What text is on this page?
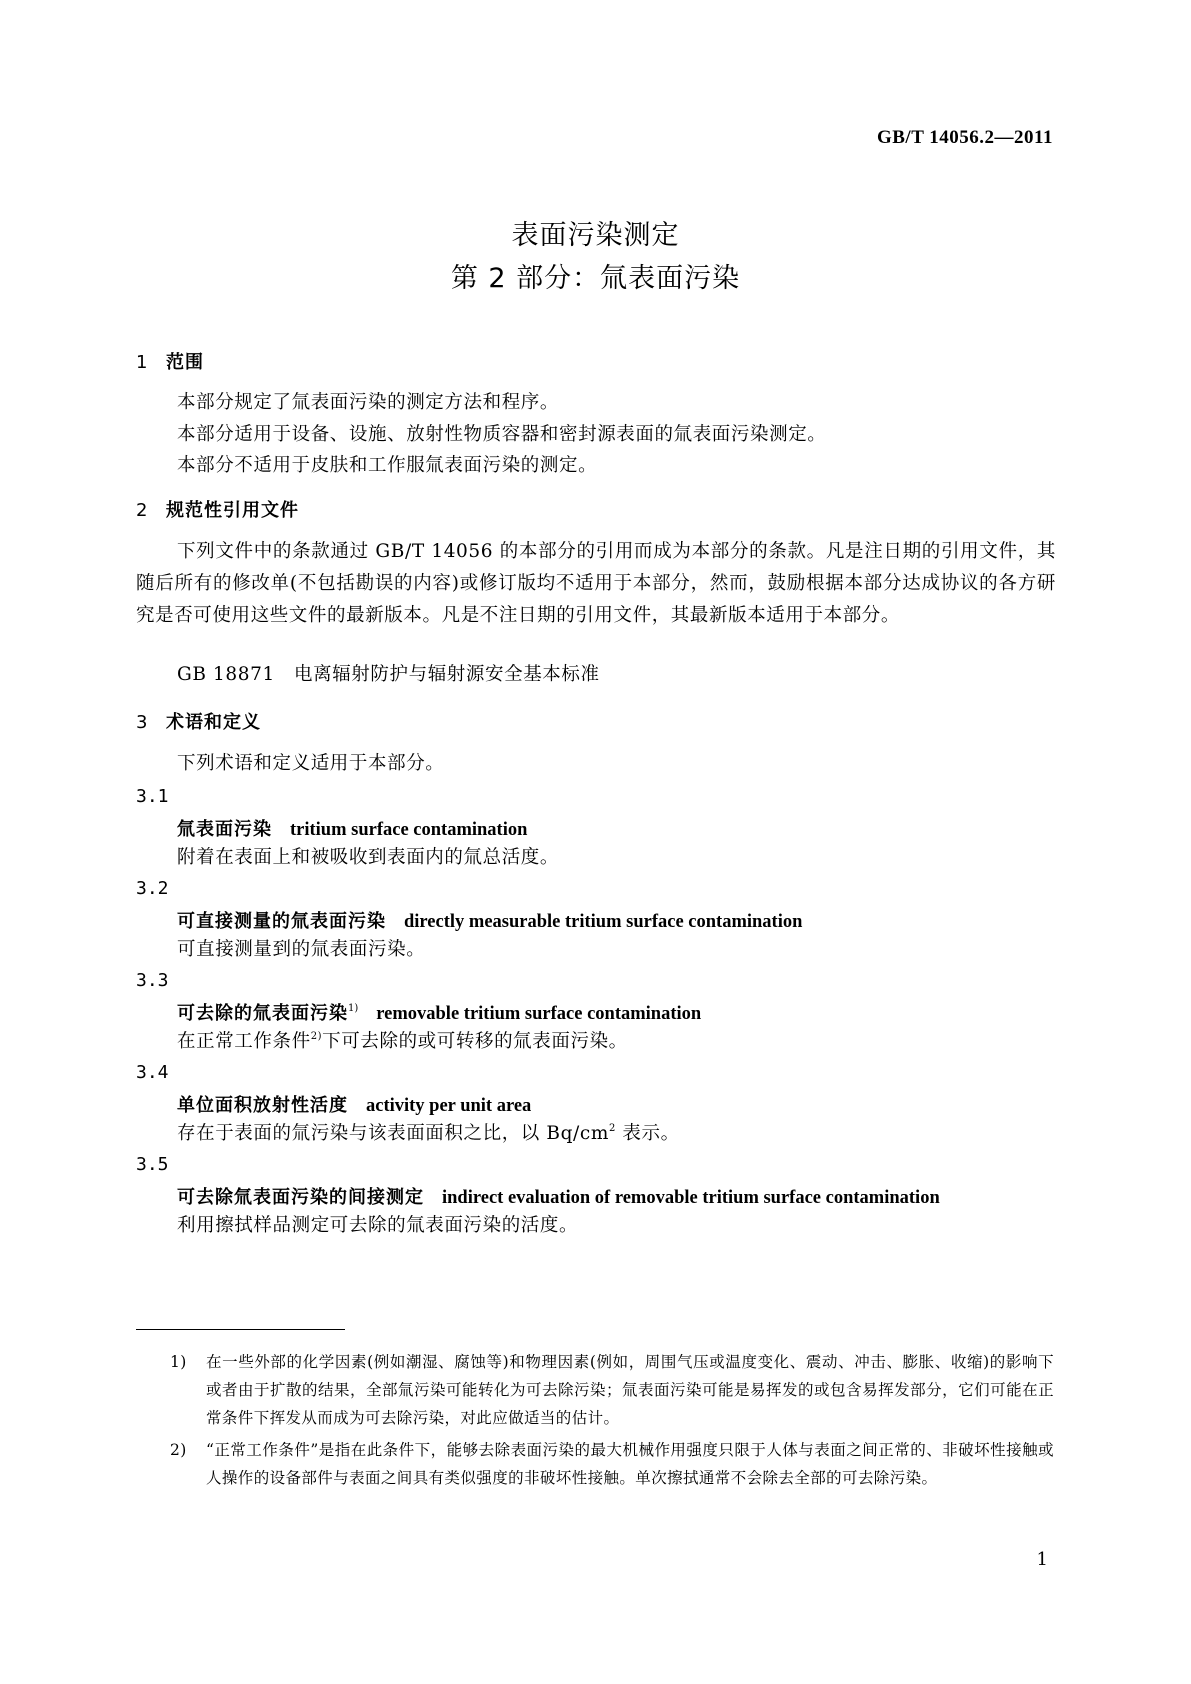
GB/T 14056.2—2011
表面污染测定
第 2 部分：氚表面污染
1 范围
本部分规定了氚表面污染的测定方法和程序。
本部分适用于设备、设施、放射性物质容器和密封源表面的氚表面污染测定。
本部分不适用于皮肤和工作服氚表面污染的测定。
2 规范性引用文件
下列文件中的条款通过 GB/T 14056 的本部分的引用而成为本部分的条款。凡是注日期的引用文件，其随后所有的修改单(不包括勘误的内容)或修订版均不适用于本部分，然而，鼓励根据本部分达成协议的各方研究是否可使用这些文件的最新版本。凡是不注日期的引用文件，其最新版本适用于本部分。
GB 18871　电离辐射防护与辐射源安全基本标准
3 术语和定义
下列术语和定义适用于本部分。
3.1
氚表面污染 tritium surface contamination
附着在表面上和被吸收到表面内的氚总活度。
3.2
可直接测量的氚表面污染 directly measurable tritium surface contamination
可直接测量到的氚表面污染。
3.3
可去除的氚表面污染$^{1)}$ removable tritium surface contamination
在正常工作条件$^{2)}$下可去除的或可转移的氚表面污染。
3.4
单位面积放射性活度 activity per unit area
存在于表面的氚污染与该表面面积之比，以 $Bq/cm^2$ 表示。
3.5
可去除氚表面污染的间接测定 indirect evaluation of removable tritium surface contamination
利用擦拭样品测定可去除的氚表面污染的活度。
1) 在一些外部的化学因素(例如潮湿、腐蚀等)和物理因素(例如，周围气压或温度变化、震动、冲击、膨胀、收缩)的影响下或者由于扩散的结果，全部氚污染可能转化为可去除污染；氚表面污染可能是易挥发的或包含易挥发部分，它们可能在正常条件下挥发从而成为可去除污染，对此应做适当的估计。
2) “正常工作条件”是指在此条件下，能够去除表面污染的最大机械作用强度只限于人体与表面之间正常的、非破坏性接触或人操作的设备部件与表面之间具有类似强度的非破坏性接触。单次擦拭通常不会除去全部的可去除污染。
1
